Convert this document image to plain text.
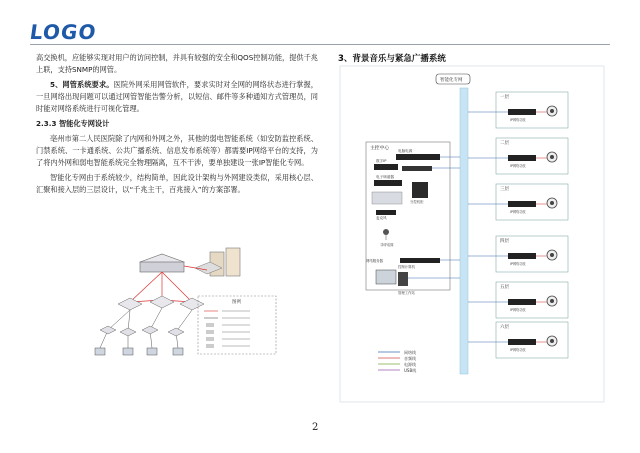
LOGO

高交换机，应能够实现对用户的访问控制，并具有较强的安全和QOS控制功能，提供千兆上联，支持SNMP的网管。

5、网管系统要求。医院外网采用网管软件，要求实时对全网的网络状态进行掌握，一旦网络出现问题可以通过网管智能告警分析，以短信、邮件等多种通知方式管理员，同时能对网络系统进行可视化管理。

2.3.3 智能化专网设计

亳州市第二人民医院除了内网和外网之外，其他的弱电智能系统（如安防监控系统、门禁系统、一卡通系统、公共广播系统、信息发布系统等）都需要IP网络平台的支持，为了将内外网和弱电智能系统完全物理隔离，互不干涉，要单独建设一张IP智能化专网。

智能化专网由于系统较少，结构简单，因此设计架构与外网建设类似，采用核心层、汇聚和接入层的三层设计，以“千兆主干，百兆接入”的方案部署。

图例
3、背景音乐与紧急广播系统
智能化专网
主控中心 电脑电源
数字IP
电子调谐器
分控机柜
麦克风
寻呼话筒
网络服务器
控制计算机
管理工作站
一层
IP网络功放
二层
IP网络功放
三层
IP网络功放
四层
IP网络功放
五层
IP网络功放
六层
IP网络功放
网络线
音频线
电源线
USB线
2
